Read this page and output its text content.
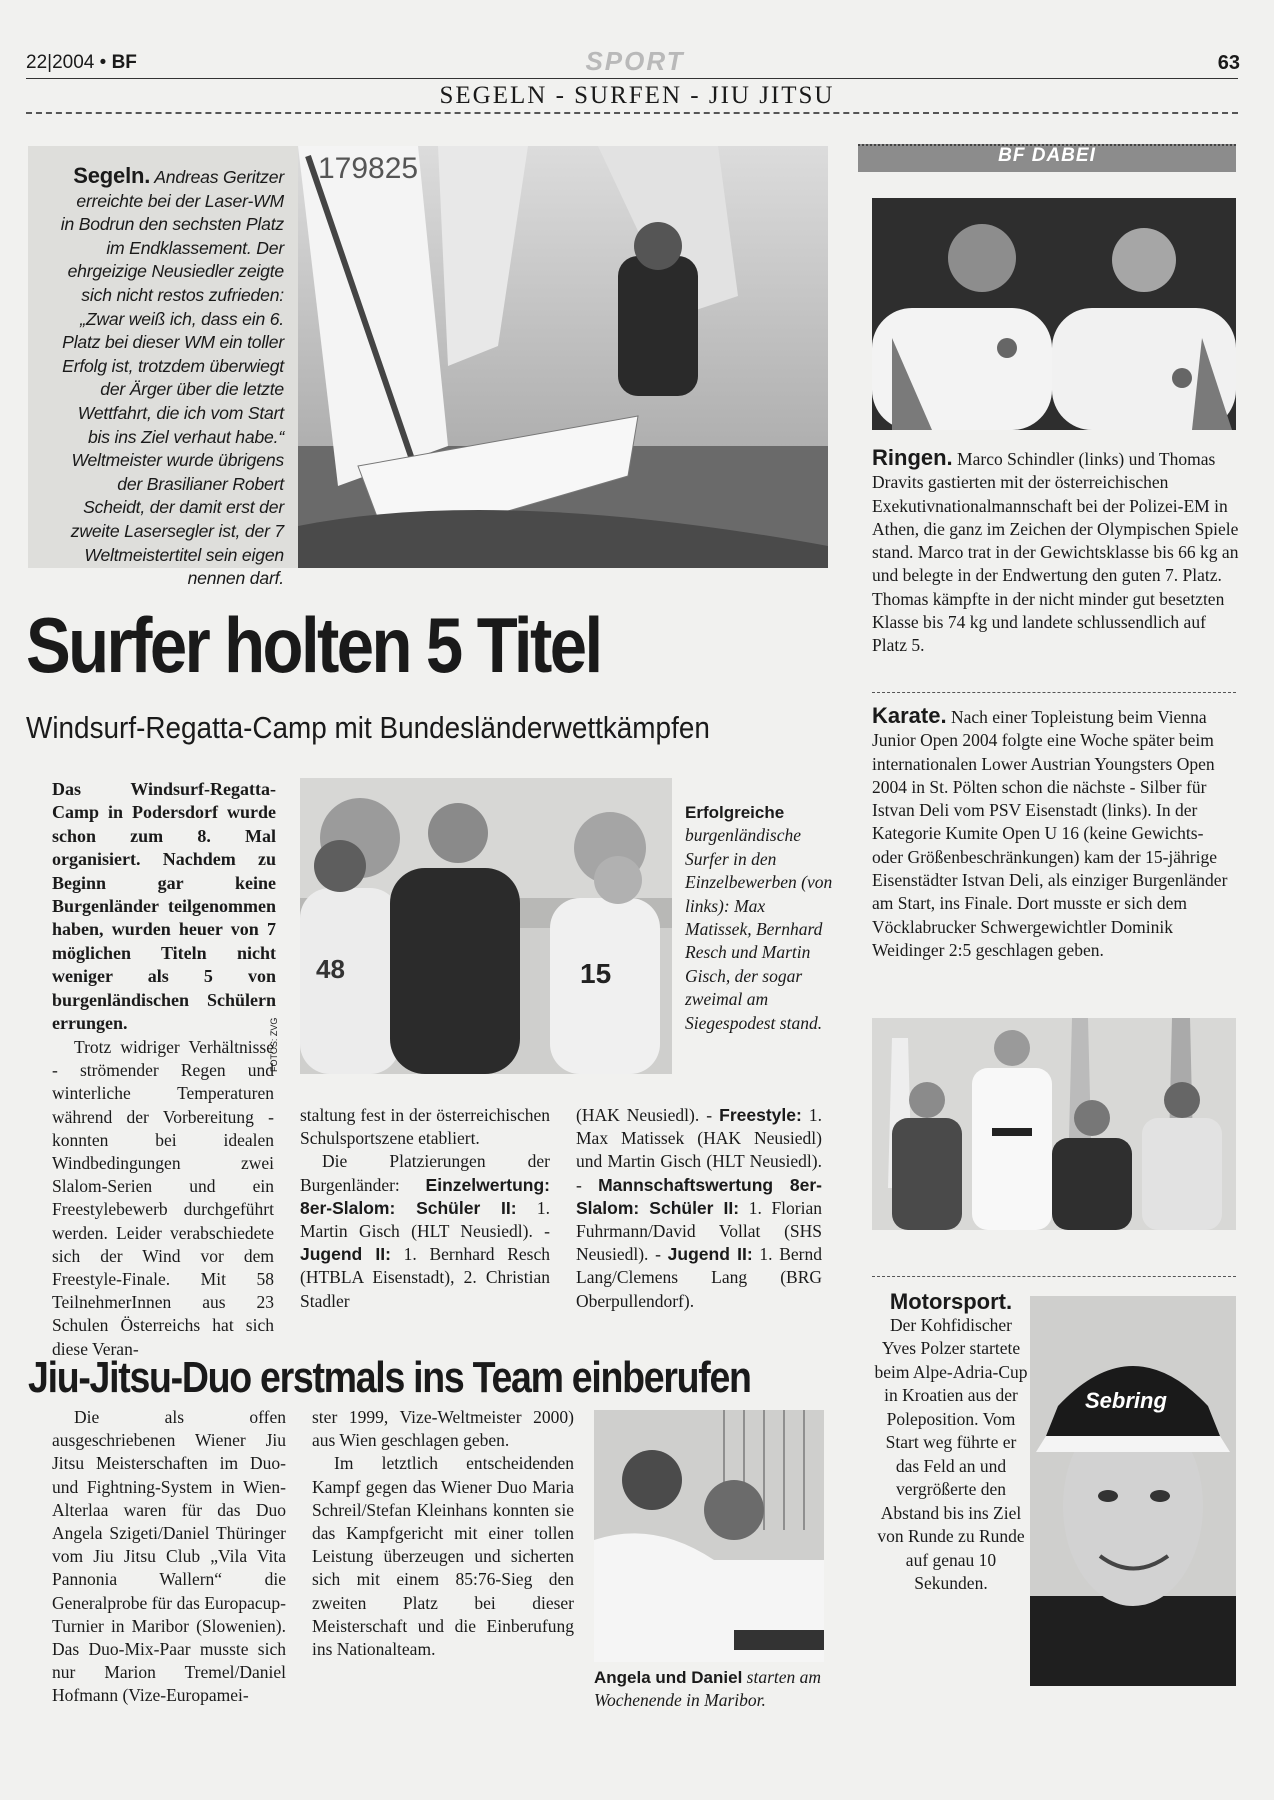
22|2004 • BF	SPORT	63
SEGELN - SURFEN - JIU JITSU
179825
Segeln. Andreas Geritzer erreichte bei der Laser-WM in Bodrun den sechsten Platz im Endklassement. Der ehrgeizige Neusiedler zeigte sich nicht restos zufrieden: „Zwar weiß ich, dass ein 6. Platz bei dieser WM ein toller Erfolg ist, trotzdem überwiegt der Ärger über die letzte Wettfahrt, die ich vom Start bis ins Ziel verhaut habe.“ Weltmeister wurde übrigens der Brasilianer Robert Scheidt, der damit erst der zweite Lasersegler ist, der 7 Weltmeistertitel sein eigen nennen darf.
Surfer holten 5 Titel
Windsurf-Regatta-Camp mit Bundesländerwettkämpfen
Das Windsurf-Regatta-Camp in Podersdorf wurde schon zum 8. Mal organisiert. Nachdem zu Beginn gar keine Burgenländer teilgenommen haben, wurden heuer von 7 möglichen Titeln nicht weniger als 5 von burgenländischen Schülern errungen.

Trotz widriger Verhältnisse - strömender Regen und winterliche Temperaturen während der Vorbereitung - konnten bei idealen Windbedingungen zwei Slalom-Serien und ein Freestylebewerb durchgeführt werden. Leider verabschiedete sich der Wind vor dem Freestyle-Finale. Mit 58 TeilnehmerInnen aus 23 Schulen Österreichs hat sich diese Veran-

15
48
FOTOS: ZVG
Erfolgreiche
burgenländische Surfer in den Einzelbewerben (von links): Max Matissek, Bernhard Resch und Martin Gisch, der sogar zweimal am Siegespodest stand.

staltung fest in der österreichischen Schulsportszene etabliert.

Die Platzierungen der Burgenländer: Einzelwertung: 8er-Slalom: Schüler II: 1. Martin Gisch (HLT Neusiedl). - Jugend II: 1. Bernhard Resch (HTBLA Eisenstadt), 2. Christian Stadler

(HAK Neusiedl). - Freestyle: 1. Max Matissek (HAK Neusiedl) und Martin Gisch (HLT Neusiedl). - Mannschaftswertung 8er-Slalom: Schüler II: 1. Florian Fuhrmann/David Vollat (SHS Neusiedl). - Jugend II: 1. Bernd Lang/Clemens Lang (BRG Oberpullendorf).

Jiu-Jitsu-Duo erstmals ins Team einberufen

Die als offen ausgeschriebenen Wiener Jiu Jitsu Meisterschaften im Duo- und Fightning-System in Wien-Alterlaa waren für das Duo Angela Szigeti/Daniel Thüringer vom Jiu Jitsu Club „Vila Vita Pannonia Wallern“ die Generalprobe für das Europacup-Turnier in Maribor (Slowenien). Das Duo-Mix-Paar musste sich nur Marion Tremel/Daniel Hofmann (Vize-Europamei-

ster 1999, Vize-Weltmeister 2000) aus Wien geschlagen geben.

Im letztlich entscheidenden Kampf gegen das Wiener Duo Maria Schreil/Stefan Kleinhans konnten sie das Kampfgericht mit einer tollen Leistung überzeugen und sicherten sich mit einem 85:76-Sieg den zweiten Platz bei dieser Meisterschaft und die Einberufung ins Nationalteam.

Angela und Daniel starten am Wochenende in Maribor.
BF DABEI
Ringen. Marco Schindler (links) und Thomas Dravits gastierten mit der österreichischen Exekutivnationalmannschaft bei der Polizei-EM in Athen, die ganz im Zeichen der Olympischen Spiele stand. Marco trat in der Gewichtsklasse bis 66 kg an und belegte in der Endwertung den guten 7. Platz. Thomas kämpfte in der nicht minder gut besetzten Klasse bis 74 kg und landete schlussendlich auf Platz 5.
Karate. Nach einer Topleistung beim Vienna Junior Open 2004 folgte eine Woche später beim internationalen Lower Austrian Youngsters Open 2004 in St. Pölten schon die nächste - Silber für Istvan Deli vom PSV Eisenstadt (links). In der Kategorie Kumite Open U 16 (keine Gewichts- oder Größenbeschränkungen) kam der 15-jährige Eisenstädter Istvan Deli, als einziger Burgenländer am Start, ins Finale. Dort musste er sich dem Vöcklabrucker Schwergewichtler Dominik Weidinger 2:5 geschlagen geben.
Motorsport.
Der Kohfidischer Yves Polzer startete beim Alpe-Adria-Cup in Kroatien aus der Poleposition. Vom Start weg führte er das Feld an und vergrößerte den Abstand bis ins Ziel von Runde zu Runde auf genau 10 Sekunden.
Sebring
